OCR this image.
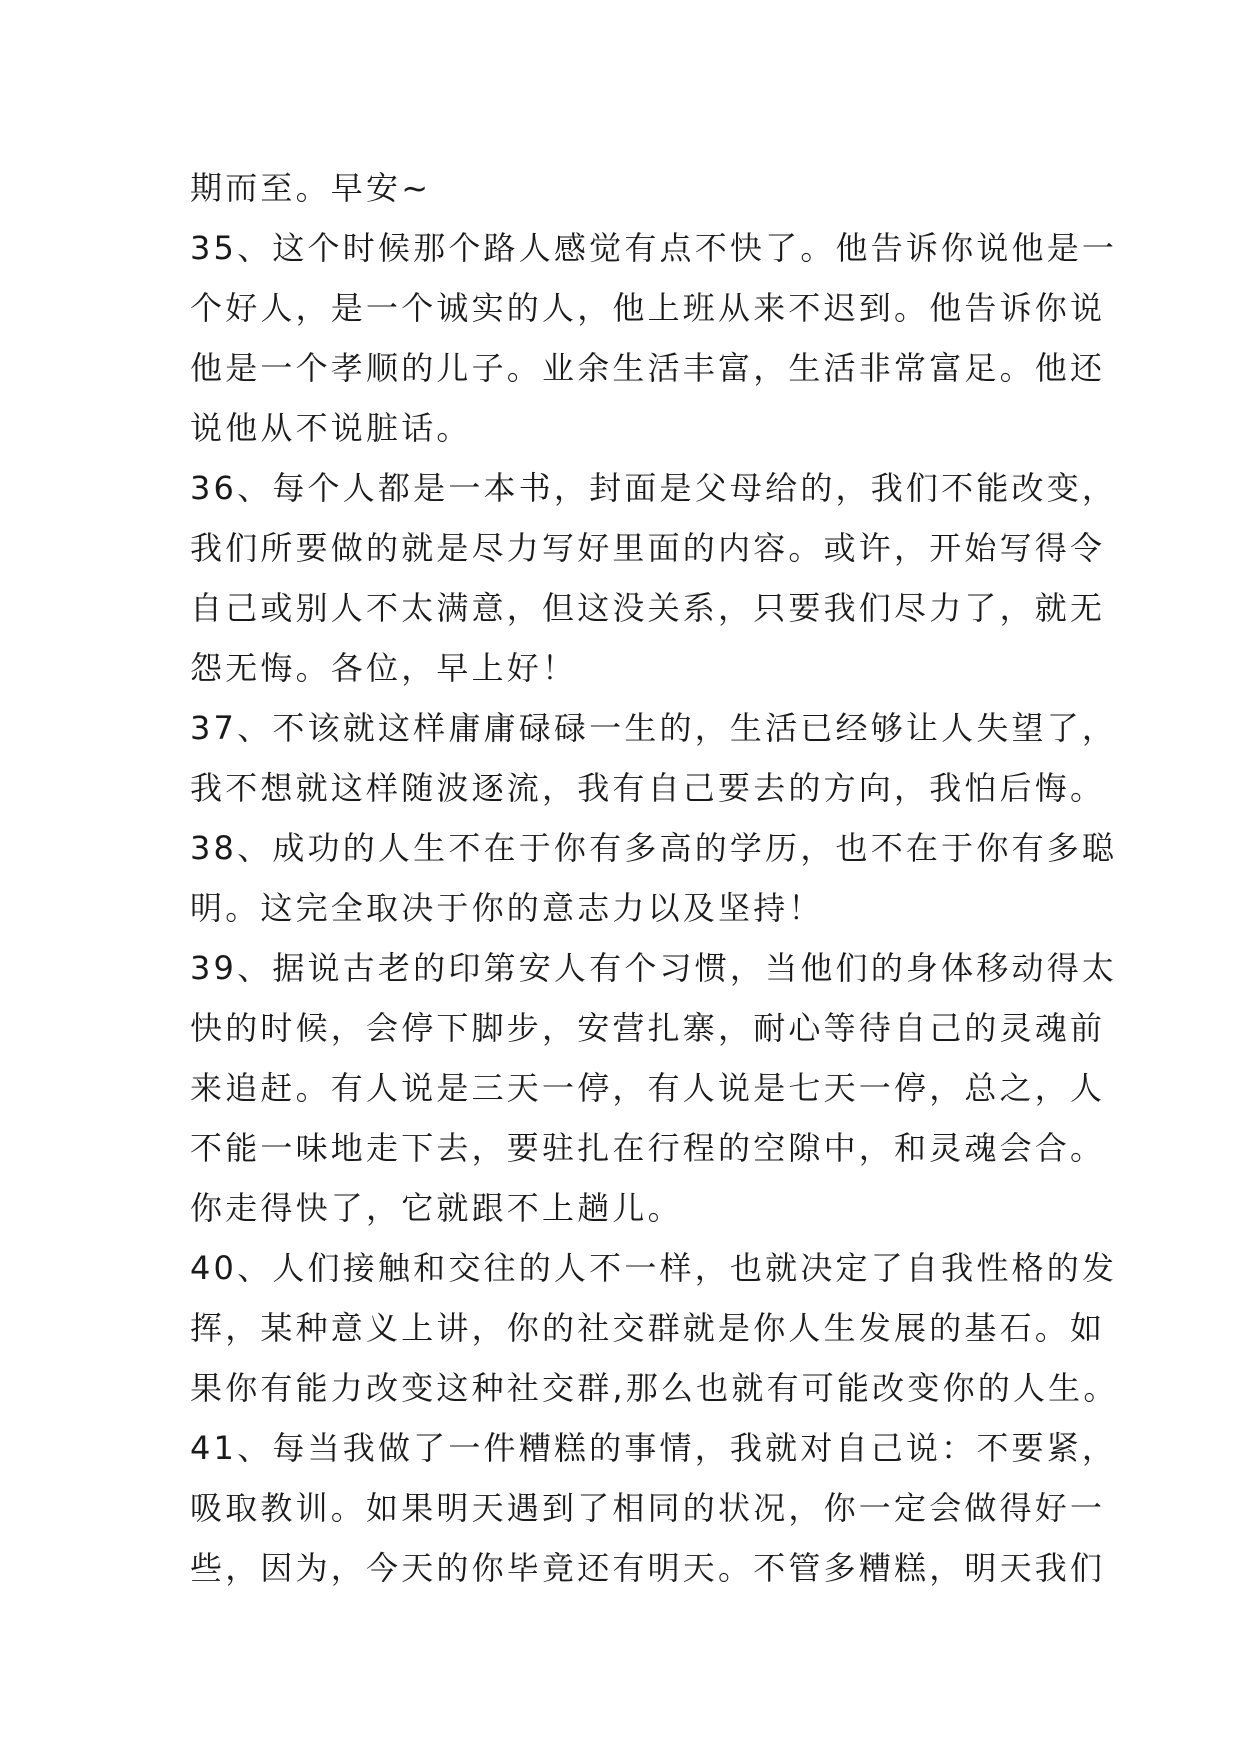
期而至。早安~
35、这个时候那个路人感觉有点不快了。他告诉你说他是一
个好人，是一个诚实的人，他上班从来不迟到。他告诉你说
他是一个孝顺的儿子。业余生活丰富，生活非常富足。他还
说他从不说脏话。
36、每个人都是一本书，封面是父母给的，我们不能改变，
我们所要做的就是尽力写好里面的内容。或许，开始写得令
自己或别人不太满意，但这没关系，只要我们尽力了，就无
怨无悔。各位，早上好！
37、不该就这样庸庸碌碌一生的，生活已经够让人失望了，
我不想就这样随波逐流，我有自己要去的方向，我怕后悔。
38、成功的人生不在于你有多高的学历，也不在于你有多聪
明。这完全取决于你的意志力以及坚持！
39、据说古老的印第安人有个习惯，当他们的身体移动得太
快的时候，会停下脚步，安营扎寨，耐心等待自己的灵魂前
来追赶。有人说是三天一停，有人说是七天一停，总之，人
不能一味地走下去，要驻扎在行程的空隙中，和灵魂会合。
你走得快了，它就跟不上趟儿。
40、人们接触和交往的人不一样，也就决定了自我性格的发
挥，某种意义上讲，你的社交群就是你人生发展的基石。如
果你有能力改变这种社交群,那么也就有可能改变你的人生。
41、每当我做了一件糟糕的事情，我就对自己说：不要紧，
吸取教训。如果明天遇到了相同的状况，你一定会做得好一
些，因为，今天的你毕竟还有明天。不管多糟糕，明天我们
